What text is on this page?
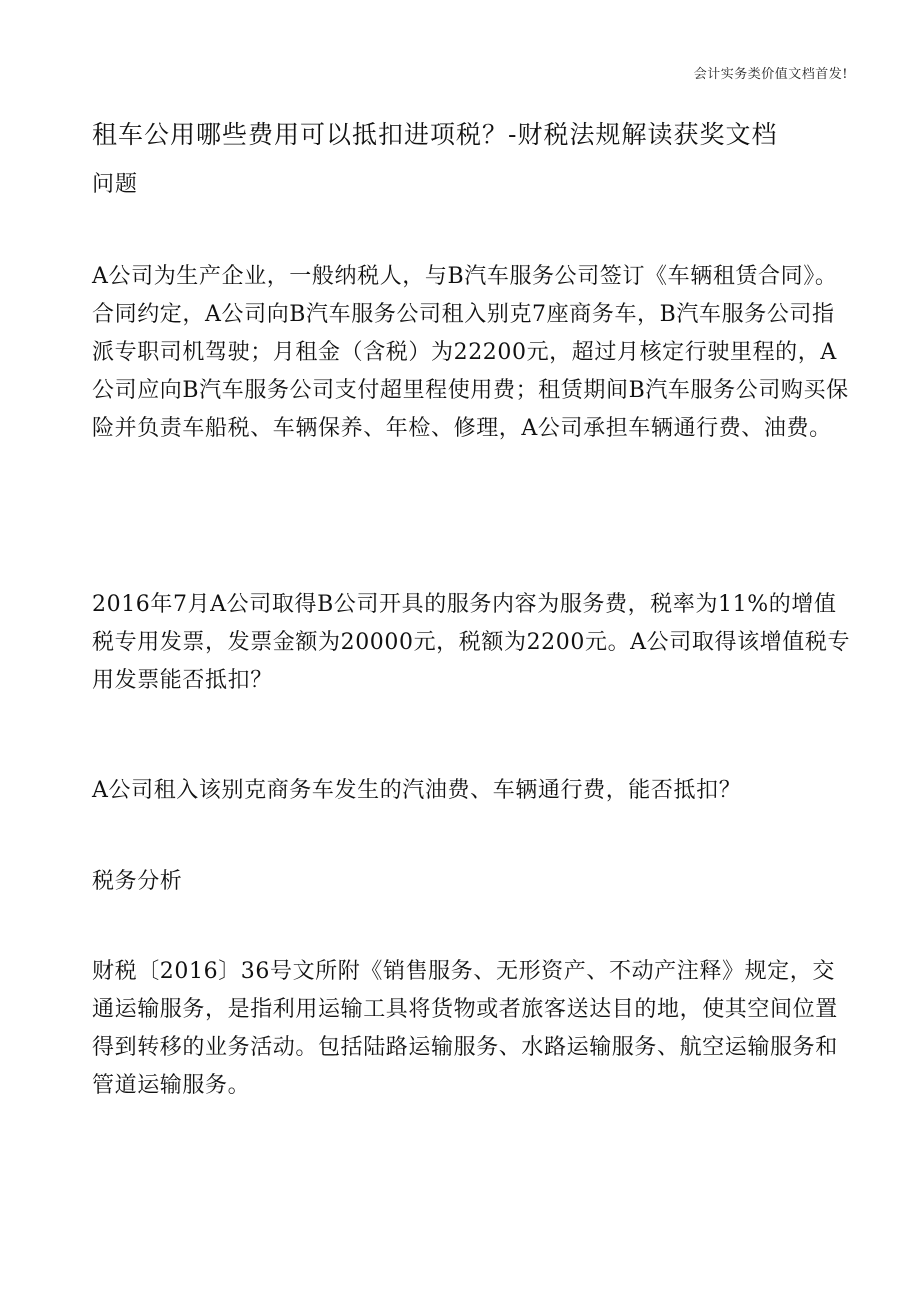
会计实务类价值文档首发!
租车公用哪些费用可以抵扣进项税？-财税法规解读获奖文档
问题

A公司为生产企业，一般纳税人，与B汽车服务公司签订《车辆租赁合同》。合同约定，A公司向B汽车服务公司租入别克7座商务车，B汽车服务公司指派专职司机驾驶；月租金（含税）为22200元，超过月核定行驶里程的，A公司应向B汽车服务公司支付超里程使用费；租赁期间B汽车服务公司购买保险并负责车船税、车辆保养、年检、修理，A公司承担车辆通行费、油费。

2016年7月A公司取得B公司开具的服务内容为服务费，税率为11%的增值税专用发票，发票金额为20000元，税额为2200元。A公司取得该增值税专用发票能否抵扣？

A公司租入该别克商务车发生的汽油费、车辆通行费，能否抵扣？

税务分析

财税〔2016〕36号文所附《销售服务、无形资产、不动产注释》规定，交通运输服务，是指利用运输工具将货物或者旅客送达目的地，使其空间位置得到转移的业务活动。包括陆路运输服务、水路运输服务、航空运输服务和管道运输服务。
